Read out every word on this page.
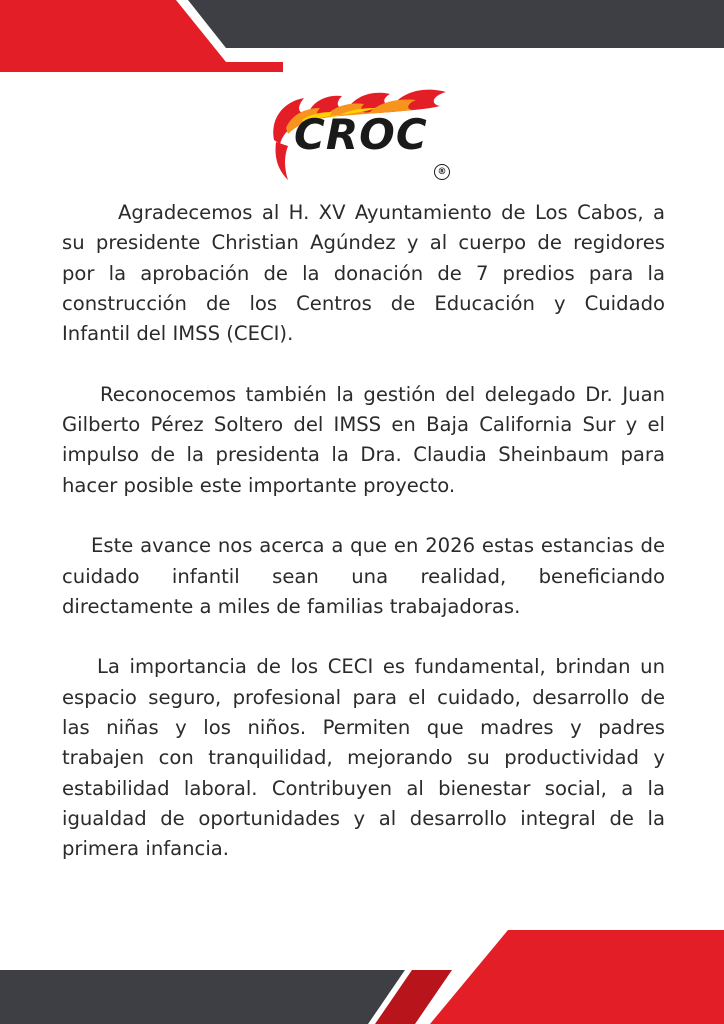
CROC
®

Agradecemos al H. XV Ayuntamiento de Los Cabos, a
su presidente Christian Agúndez y al cuerpo de regidores
por la aprobación de la donación de 7 predios para la
construcción de los Centros de Educación y Cuidado
Infantil del IMSS (CECI).

Reconocemos también la gestión del delegado Dr. Juan
Gilberto Pérez Soltero del IMSS en Baja California Sur y el
impulso de la presidenta la Dra. Claudia Sheinbaum para
hacer posible este importante proyecto.

Este avance nos acerca a que en 2026 estas estancias de
cuidado infantil sean una realidad, beneficiando
directamente a miles de familias trabajadoras.

La importancia de los CECI es fundamental, brindan un
espacio seguro, profesional para el cuidado, desarrollo de
las niñas y los niños. Permiten que madres y padres
trabajen con tranquilidad, mejorando su productividad y
estabilidad laboral. Contribuyen al bienestar social, a la
igualdad de oportunidades y al desarrollo integral de la
primera infancia.
